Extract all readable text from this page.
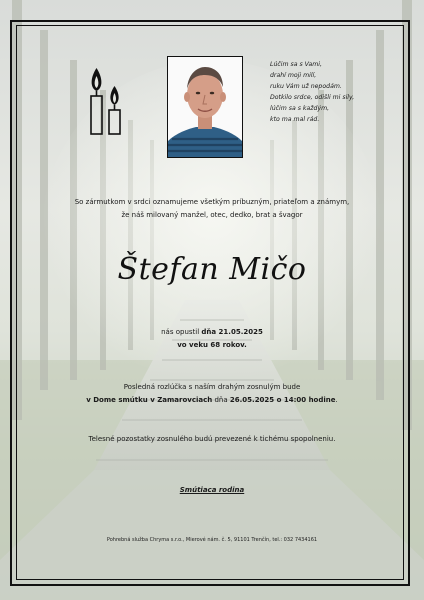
Lúčim sa s Vami,
drahí moji milí,
ruku Vám už nepodám.
Dotkilo srdce, odišli mi sily,
lúčim sa s každým,
kto ma mal rád.
So zármutkom v srdci oznamujeme všetkým príbuzným, priateľom a známym,
že náš milovaný manžel, otec, dedko, brat a švagor
Štefan Mičo
nás opustil dňa 21.05.2025
vo veku 68 rokov.
Posledná rozlúčka s naším drahým zosnulým bude
v Dome smútku v Zamarovciach dňa 26.05.2025 o 14:00 hodine.
Telesné pozostatky zosnulého budú prevezené k tichému spopolneniu.
Smútiaca rodina
Pohrebná služba Chryma s.r.o., Mierové nám. č. 5, 91101 Trenčín, tel.: 032 7434161
